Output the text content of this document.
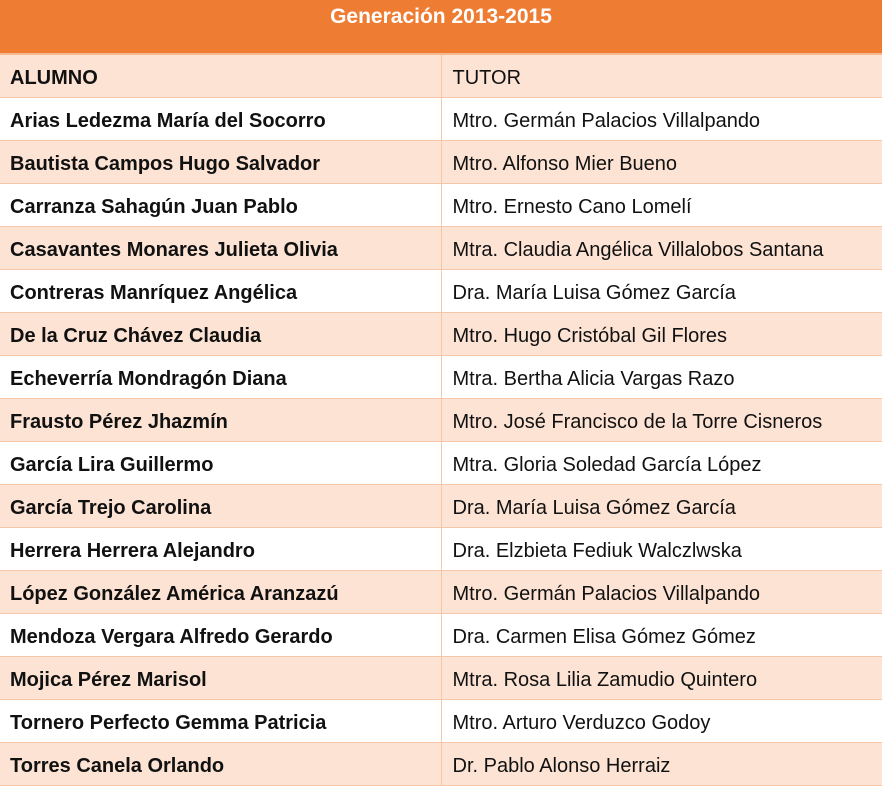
Generación 2013-2015	
ALUMNO	TUTOR
Arias Ledezma María del Socorro	Mtro. Germán Palacios Villalpando
Bautista Campos Hugo Salvador	Mtro. Alfonso Mier Bueno
Carranza Sahagún Juan Pablo	Mtro. Ernesto Cano Lomelí
Casavantes Monares Julieta Olivia	Mtra. Claudia Angélica Villalobos Santana
Contreras Manríquez Angélica	Dra. María Luisa Gómez García
De la Cruz Chávez Claudia	Mtro. Hugo Cristóbal Gil Flores
Echeverría Mondragón Diana	Mtra. Bertha Alicia Vargas Razo
Frausto Pérez Jhazmín	Mtro. José Francisco de la Torre Cisneros
García Lira Guillermo	Mtra. Gloria Soledad García López
García Trejo Carolina	Dra. María Luisa Gómez García
Herrera Herrera Alejandro	Dra. Elzbieta Fediuk Walczlwska
López González América Aranzazú	Mtro. Germán Palacios Villalpando
Mendoza Vergara Alfredo Gerardo	Dra. Carmen Elisa Gómez Gómez
Mojica Pérez Marisol	Mtra. Rosa Lilia Zamudio Quintero
Tornero Perfecto Gemma Patricia	Mtro. Arturo Verduzco Godoy
Torres Canela Orlando	Dr. Pablo Alonso Herraiz
